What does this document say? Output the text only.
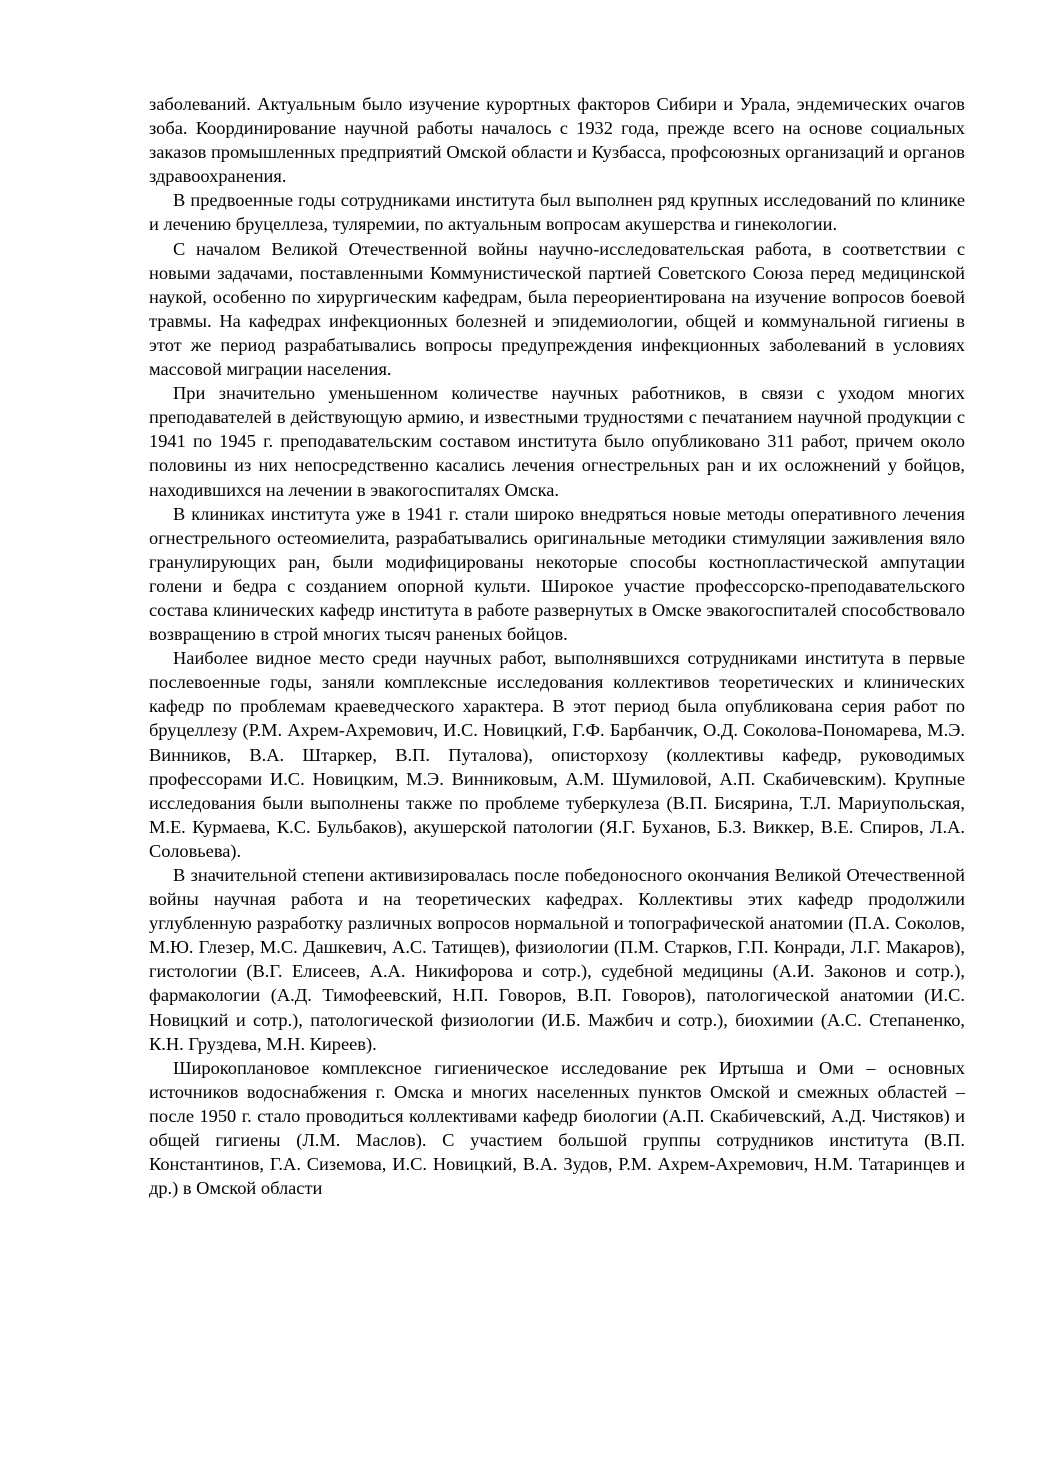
заболеваний. Актуальным было изучение курортных факторов Сибири и Урала, эндемических очагов зоба. Координирование научной работы началось с 1932 года, прежде всего на основе социальных заказов промышленных предприятий Омской области и Кузбасса, профсоюзных организаций и органов здравоохранения.

В предвоенные годы сотрудниками института был выполнен ряд крупных исследований по клинике и лечению бруцеллеза, туляремии, по актуальным вопросам акушерства и гинекологии.

С началом Великой Отечественной войны научно-исследовательская работа, в соответствии с новыми задачами, поставленными Коммунистической партией Советского Союза перед медицинской наукой, особенно по хирургическим кафедрам, была переориентирована на изучение вопросов боевой травмы. На кафедрах инфекционных болезней и эпидемиологии, общей и коммунальной гигиены в этот же период разрабатывались вопросы предупреждения инфекционных заболеваний в условиях массовой миграции населения.

При значительно уменьшенном количестве научных работников, в связи с уходом многих преподавателей в действующую армию, и известными трудностями с печатанием научной продукции с 1941 по 1945 г. преподавательским составом института было опубликовано 311 работ, причем около половины из них непосредственно касались лечения огнестрельных ран и их осложнений у бойцов, находившихся на лечении в эвакогоспиталях Омска.

В клиниках института уже в 1941 г. стали широко внедряться новые методы оперативного лечения огнестрельного остеомиелита, разрабатывались оригинальные методики стимуляции заживления вяло гранулирующих ран, были модифицированы некоторые способы костнопластической ампутации голени и бедра с созданием опорной культи. Широкое участие профессорско-преподавательского состава клинических кафедр института в работе развернутых в Омске эвакогоспиталей способствовало возвращению в строй многих тысяч раненых бойцов.

Наиболее видное место среди научных работ, выполнявшихся сотрудниками института в первые послевоенные годы, заняли комплексные исследования коллективов теоретических и клинических кафедр по проблемам краеведческого характера. В этот период была опубликована серия работ по бруцеллезу (Р.М. Ахрем-Ахремович, И.С. Новицкий, Г.Ф. Барбанчик, О.Д. Соколова-Пономарева, М.Э. Винников, В.А. Штаркер, В.П. Путалова), описторхозу (коллективы кафедр, руководимых профессорами И.С. Новицким, М.Э. Винниковым, А.М. Шумиловой, А.П. Скабичевским). Крупные исследования были выполнены также по проблеме туберкулеза (В.П. Бисярина, Т.Л. Мариупольская, М.Е. Курмаева, К.С. Бульбаков), акушерской патологии (Я.Г. Буханов, Б.З. Виккер, В.Е. Спиров, Л.А. Соловьева).

В значительной степени активизировалась после победоносного окончания Великой Отечественной войны научная работа и на теоретических кафедрах. Коллективы этих кафедр продолжили углубленную разработку различных вопросов нормальной и топографической анатомии (П.А. Соколов, М.Ю. Глезер, М.С. Дашкевич, А.С. Татищев), физиологии (П.М. Старков, Г.П. Конради, Л.Г. Макаров), гистологии (В.Г. Елисеев, А.А. Никифорова и сотр.), судебной медицины (А.И. Законов и сотр.), фармакологии (А.Д. Тимофеевский, Н.П. Говоров, В.П. Говоров), патологической анатомии (И.С. Новицкий и сотр.), патологической физиологии (И.Б. Мажбич и сотр.), биохимии (А.С. Степаненко, К.Н. Груздева, М.Н. Киреев).

Широкоплановое комплексное гигиеническое исследование рек Иртыша и Оми – основных источников водоснабжения г. Омска и многих населенных пунктов Омской и смежных областей – после 1950 г. стало проводиться коллективами кафедр биологии (А.П. Скабичевский, А.Д. Чистяков) и общей гигиены (Л.М. Маслов). С участием большой группы сотрудников института (В.П. Константинов, Г.А. Сиземова, И.С. Новицкий, В.А. Зудов, Р.М. Ахрем-Ахремович, Н.М. Татаринцев и др.) в Омской области
